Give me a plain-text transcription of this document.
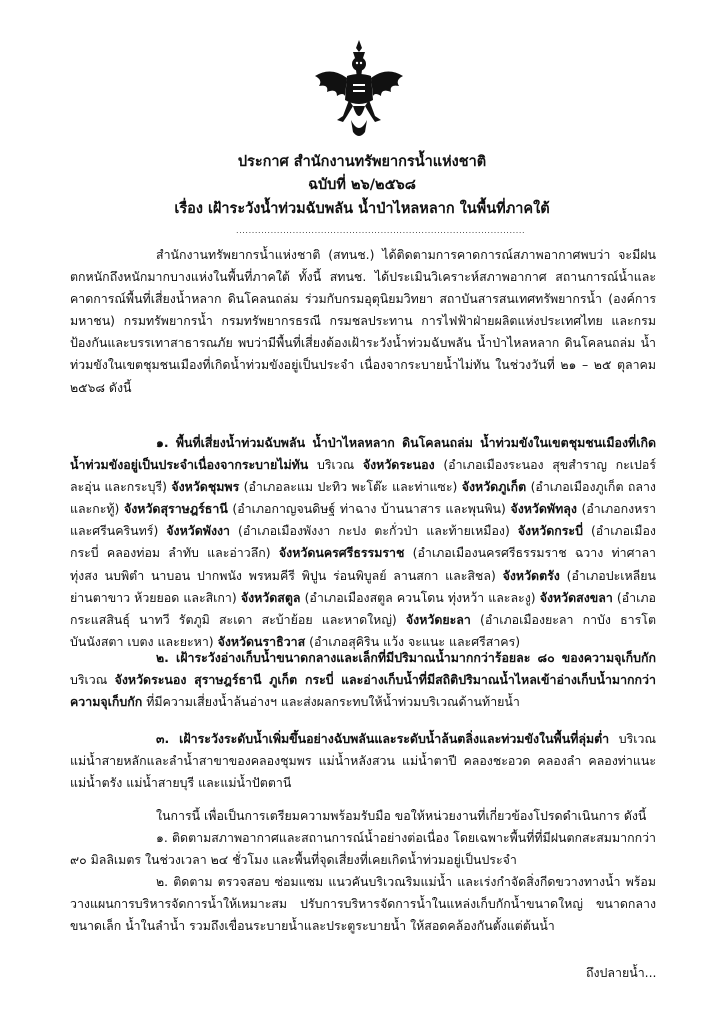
ประกาศ สำนักงานทรัพยากรน้ำแห่งชาติ
ฉบับที่ ๒๖/๒๕๖๘
เรื่อง เฝ้าระวังน้ำท่วมฉับพลัน น้ำป่าไหลหลาก ในพื้นที่ภาคใต้
............................................................................................
สำนักงานทรัพยากรน้ำแห่งชาติ (สทนช.) ได้ติดตามการคาดการณ์สภาพอากาศพบว่า จะมีฝนตกหนักถึงหนักมากบางแห่งในพื้นที่ภาคใต้ ทั้งนี้ สทนช. ได้ประเมินวิเคราะห์สภาพอากาศ สถานการณ์น้ำและคาดการณ์พื้นที่เสี่ยงน้ำหลาก ดินโคลนถล่ม ร่วมกับกรมอุตุนิยมวิทยา สถาบันสารสนเทศทรัพยากรน้ำ (องค์การมหาชน) กรมทรัพยากรน้ำ กรมทรัพยากรธรณี กรมชลประทาน การไฟฟ้าฝ่ายผลิตแห่งประเทศไทย และกรมป้องกันและบรรเทาสาธารณภัย พบว่ามีพื้นที่เสี่ยงต้องเฝ้าระวังน้ำท่วมฉับพลัน น้ำป่าไหลหลาก ดินโคลนถล่ม น้ำท่วมขังในเขตชุมชนเมืองที่เกิดน้ำท่วมขังอยู่เป็นประจำ เนื่องจากระบายน้ำไม่ทัน ในช่วงวันที่ ๒๑ – ๒๕ ตุลาคม ๒๕๖๘ ดังนี้
๑. พื้นที่เสี่ยงน้ำท่วมฉับพลัน น้ำป่าไหลหลาก ดินโคลนถล่ม น้ำท่วมขังในเขตชุมชนเมืองที่เกิดน้ำท่วมขังอยู่เป็นประจำเนื่องจากระบายไม่ทัน บริเวณ จังหวัดระนอง (อำเภอเมืองระนอง สุขสำราญ กะเปอร์ ละอุ่น และกระบุรี) จังหวัดชุมพร (อำเภอละแม ปะทิว พะโต๊ะ และท่าแซะ) จังหวัดภูเก็ต (อำเภอเมืองภูเก็ต ถลาง และกะทู้) จังหวัดสุราษฎร์ธานี (อำเภอกาญจนดิษฐ์ ท่าฉาง บ้านนาสาร และพุนพิน) จังหวัดพัทลุง (อำเภอกงหรา และศรีนครินทร์) จังหวัดพังงา (อำเภอเมืองพังงา กะปง ตะกั่วป่า และท้ายเหมือง) จังหวัดกระบี่ (อำเภอเมืองกระบี่ คลองท่อม ลำทับ และอ่าวลึก) จังหวัดนครศรีธรรมราช (อำเภอเมืองนครศรีธรรมราช ฉวาง ท่าศาลา ทุ่งสง นบพิตำ นาบอน ปากพนัง พรหมคีรี พิปูน ร่อนพิบูลย์ ลานสกา และสิชล) จังหวัดตรัง (อำเภอปะเหลียน ย่านตาขาว ห้วยยอด และสิเกา) จังหวัดสตูล (อำเภอเมืองสตูล ควนโดน ทุ่งหว้า และละงู) จังหวัดสงขลา (อำเภอกระแสสินธุ์ นาทวี รัตภูมิ สะเดา สะบ้าย้อย และหาดใหญ่) จังหวัดยะลา (อำเภอเมืองยะลา กาบัง ธารโต บันนังสตา เบตง และยะหา) จังหวัดนราธิวาส (อำเภอสุคิริน แว้ง จะแนะ และศรีสาคร)
๒. เฝ้าระวังอ่างเก็บน้ำขนาดกลางและเล็กที่มีปริมาณน้ำมากกว่าร้อยละ ๘๐ ของความจุเก็บกัก บริเวณ จังหวัดระนอง สุราษฎร์ธานี ภูเก็ต กระบี่ และอ่างเก็บน้ำที่มีสถิติปริมาณน้ำไหลเข้าอ่างเก็บน้ำมากกว่าความจุเก็บกัก ที่มีความเสี่ยงน้ำล้นอ่างฯ และส่งผลกระทบให้น้ำท่วมบริเวณด้านท้ายน้ำ
๓. เฝ้าระวังระดับน้ำเพิ่มขึ้นอย่างฉับพลันและระดับน้ำล้นตลิ่งและท่วมขังในพื้นที่ลุ่มต่ำ บริเวณแม่น้ำสายหลักและลำน้ำสาขาของคลองชุมพร แม่น้ำหลังสวน แม่น้ำตาปี คลองชะอวด คลองลำ คลองท่าแนะ แม่น้ำตรัง แม่น้ำสายบุรี และแม่น้ำปัตตานี
ในการนี้ เพื่อเป็นการเตรียมความพร้อมรับมือ ขอให้หน่วยงานที่เกี่ยวข้องโปรดดำเนินการ ดังนี้
๑. ติดตามสภาพอากาศและสถานการณ์น้ำอย่างต่อเนื่อง โดยเฉพาะพื้นที่ที่มีฝนตกสะสมมากกว่า ๙๐ มิลลิเมตร ในช่วงเวลา ๒๔ ชั่วโมง และพื้นที่จุดเสี่ยงที่เคยเกิดน้ำท่วมอยู่เป็นประจำ
๒. ติดตาม ตรวจสอบ ซ่อมแซม แนวคันบริเวณริมแม่น้ำ และเร่งกำจัดสิ่งกีดขวางทางน้ำ พร้อมวางแผนการบริหารจัดการน้ำให้เหมาะสม ปรับการบริหารจัดการน้ำในแหล่งเก็บกักน้ำขนาดใหญ่ ขนาดกลาง ขนาดเล็ก น้ำในลำน้ำ รวมถึงเขื่อนระบายน้ำและประตูระบายน้ำ ให้สอดคล้องกันตั้งแต่ต้นน้ำ
ถึงปลายน้ำ...
